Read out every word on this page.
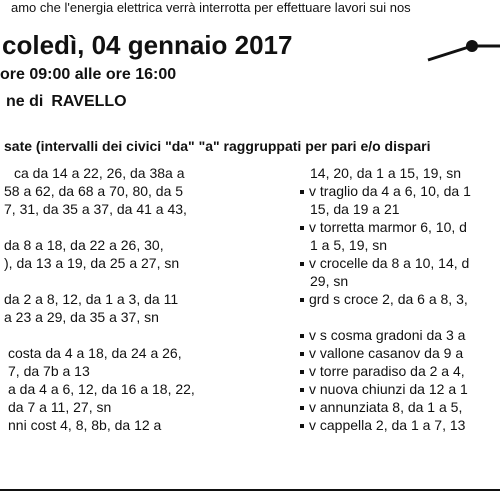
amo che l'energia elettrica verrà interrotta per effettuare lavori sui nos
coledì, 04 gennaio 2017
ore 09:00 alle ore 16:00
ne di RAVELLO
sate (intervalli dei civici "da" "a" raggruppati per pari e/o dispari
ca da 14 a 22, 26, da 38a a
58 a 62, da 68 a 70, 80, da 5
7, 31, da 35 a 37, da 41 a 43,
da 8 a 18, da 22 a 26, 30,
), da 13 a 19, da 25 a 27, sn
da 2 a 8, 12, da 1 a 3, da 11
a 23 a 29, da 35 a 37, sn
costa da 4 a 18, da 24 a 26,
7, da 7b a 13
a da 4 a 6, 12, da 16 a 18, 22,
da 7 a 11, 27, sn
nni cost 4, 8, 8b, da 12 a
14, 20, da 1 a 15, 19, sn
v traglio da 4 a 6, 10, da 1
15, da 19 a 21
v torretta marmor 6, 10, d
1 a 5, 19, sn
v crocelle da 8 a 10, 14, d
29, sn
grd s croce 2, da 6 a 8, 3,
v s cosma gradoni da 3 a
v vallone casanov da 9 a
v torre paradiso da 2 a 4,
v nuova chiunzi da 12 a 1
v annunziata 8, da 1 a 5,
v cappella 2, da 1 a 7, 13
